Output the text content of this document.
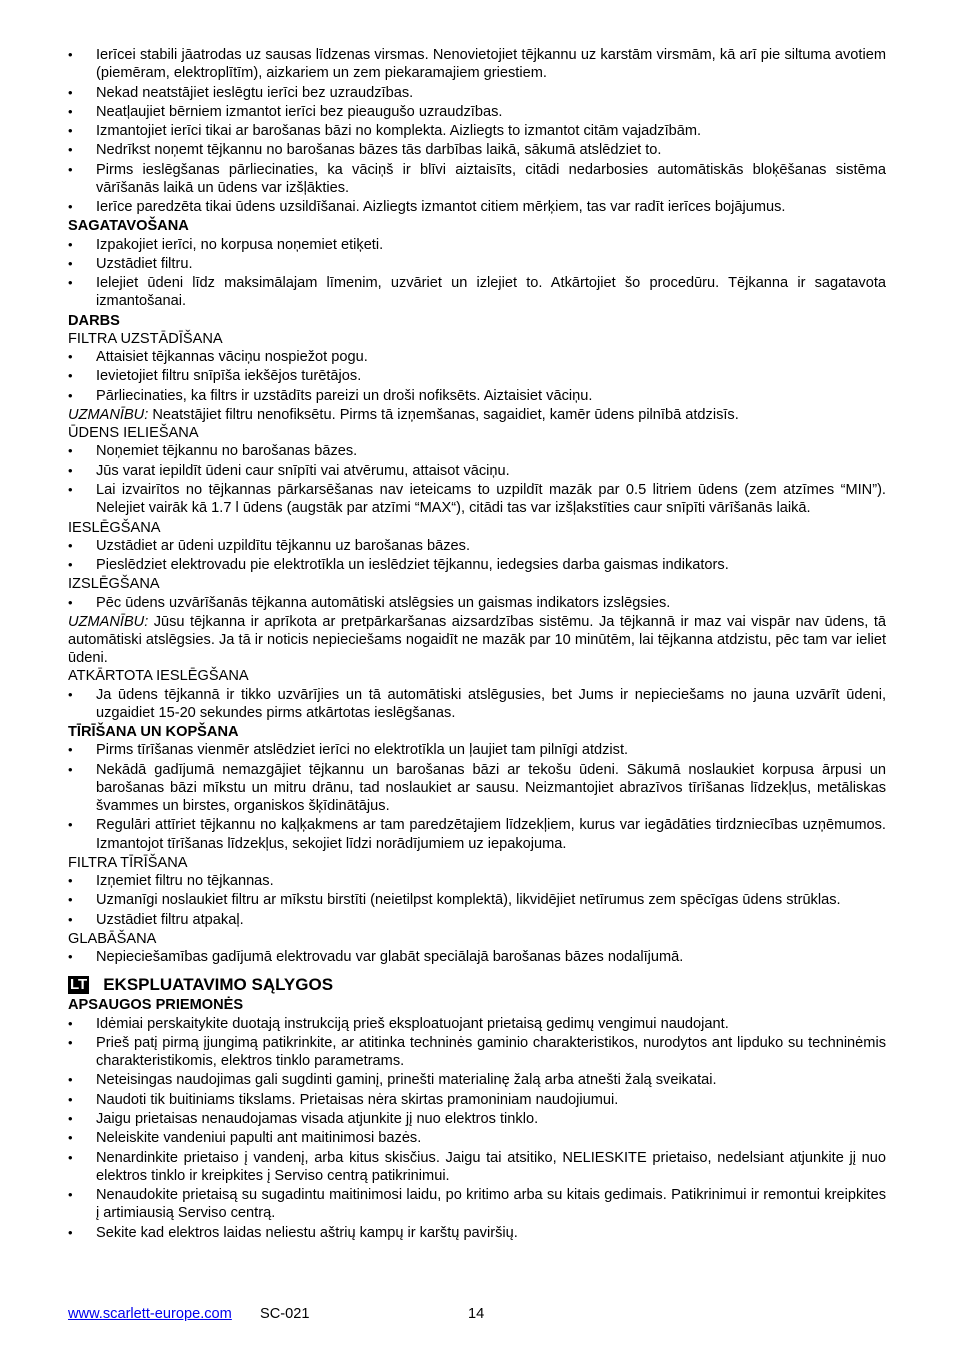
• Ierīcei stabili jāatrodas uz sausas līdzenas virsmas. Nenovietojiet tējkannu uz karstām virsmām, kā arī pie siltuma avotiem (piemēram, elektroplītīm), aizkariem un zem piekaramajiem griestiem.
• Nekad neatstājiet ieslēgtu ierīci bez uzraudzības.
• Neatļaujiet bērniem izmantot ierīci bez pieaugušo uzraudzības.
• Izmantojiet ierīci tikai ar barošanas bāzi no komplekta. Aizliegts to izmantot citām vajadzībām.
• Nedrīkst noņemt tējkannu no barošanas bāzes tās darbības laikā, sākumā atslēdziet to.
• Pirms ieslēgšanas pārliecinaties, ka vāciņš ir blīvi aiztaisīts, citādi nedarbosies automātiskās bloķēšanas sistēma vārīšanās laikā un ūdens var izšļākties.
• Ierīce paredzēta tikai ūdens uzsildīšanai. Aizliegts izmantot citiem mērķiem, tas var radīt ierīces bojājumus.

SAGATAVOŠANA

• Izpakojiet ierīci, no korpusa noņemiet etiķeti.
• Uzstādiet filtru.
• Ielejiet ūdeni līdz maksimālajam līmenim, uzvāriet un izlejiet to. Atkārtojiet šo procedūru. Tējkanna ir sagatavota izmantošanai.

DARBS

FILTRA UZSTĀDĪŠANA

• Attaisiet tējkannas vāciņu nospiežot pogu.
• Ievietojiet filtru snīpīša iekšējos turētājos.
• Pārliecinaties, ka filtrs ir uzstādīts pareizi un droši nofiksēts. Aiztaisiet vāciņu.

UZMANĪBU: Neatstājiet filtru nenofiksētu. Pirms tā izņemšanas, sagaidiet, kamēr ūdens pilnībā atdzisīs.

ŪDENS IELIEŠANA

• Noņemiet tējkannu no barošanas bāzes.
• Jūs varat iepildīt ūdeni caur snīpīti vai atvērumu, attaisot vāciņu.
• Lai izvairītos no tējkannas pārkarsēšanas nav ieteicams to uzpildīt mazāk par 0.5 litriem ūdens (zem atzīmes “MIN”). Nelejiet vairāk kā 1.7 l ūdens (augstāk par atzīmi “MAX“), citādi tas var izšļakstīties caur snīpīti vārīšanās laikā.

IESLĒGŠANA

• Uzstādiet ar ūdeni uzpildītu tējkannu uz barošanas bāzes.
• Pieslēdziet elektrovadu pie elektrotīkla un ieslēdziet tējkannu, iedegsies darba gaismas indikators.

IZSLĒGŠANA

• Pēc ūdens uzvārīšanās tējkanna automātiski atslēgsies un gaismas indikators izslēgsies.

UZMANĪBU: Jūsu tējkanna ir aprīkota ar pretpārkaršanas aizsardzības sistēmu. Ja tējkannā ir maz vai vispār nav ūdens, tā automātiski atslēgsies. Ja tā ir noticis nepieciešams nogaidīt ne mazāk par 10 minūtēm, lai tējkanna atdzistu, pēc tam var ieliet ūdeni.

ATKĀRTOTA IESLĒGŠANA

• Ja ūdens tējkannā ir tikko uzvārījies un tā automātiski atslēgusies, bet Jums ir nepieciešams no jauna uzvārīt ūdeni, uzgaidiet 15-20 sekundes pirms atkārtotas ieslēgšanas.

TĪRĪŠANA UN KOPŠANA

• Pirms tīrīšanas vienmēr atslēdziet ierīci no elektrotīkla un ļaujiet tam pilnīgi atdzist.
• Nekādā gadījumā nemazgājiet tējkannu un barošanas bāzi ar tekošu ūdeni. Sākumā noslaukiet korpusa ārpusi un barošanas bāzi mīkstu un mitru drānu, tad noslaukiet ar sausu. Neizmantojiet abrazīvos tīrīšanas līdzekļus, metāliskas švammes un birstes, organiskos šķīdinātājus.
• Regulāri attīriet tējkannu no kaļķakmens ar tam paredzētajiem līdzekļiem, kurus var iegādāties tirdzniecības uzņēmumos. Izmantojot tīrīšanas līdzekļus, sekojiet līdzi norādījumiem uz iepakojuma.

FILTRA TĪRĪŠANA

• Izņemiet filtru no tējkannas.
• Uzmanīgi noslaukiet filtru ar mīkstu birstīti (neietilpst komplektā), likvidējiet netīrumus zem spēcīgas ūdens strūklas.
• Uzstādiet filtru atpakaļ.

GLABĀŠANA

• Nepieciešamības gadījumā elektrovadu var glabāt speciālajā barošanas bāzes nodalījumā.
LT EKSPLUATAVIMO SĄLYGOS

APSAUGOS PRIEMONĖS

• Idėmiai perskaitykite duotają instrukciją prieš eksploatuojant prietaisą gedimų vengimui naudojant.
• Prieš patį pirmą įjungimą patikrinkite, ar atitinka techninės gaminio charakteristikos, nurodytos ant lipduko su techninėmis charakteristikomis, elektros tinklo parametrams.
• Neteisingas naudojimas gali sugdinti gaminį, prinešti materialinę žalą arba atnešti žalą sveikatai.
• Naudoti tik buitiniams tikslams. Prietaisas nėra skirtas pramoniniam naudojiumui.
• Jaigu prietaisas nenaudojamas visada atjunkite jį nuo elektros tinklo.
• Neleiskite vandeniui papulti ant maitinimosi bazės.
• Nenardinkite prietaiso į vandenį, arba kitus skisčius. Jaigu tai atsitiko, NELIESKITE prietaiso, nedelsiant atjunkite jį nuo elektros tinklo ir kreipkites į Serviso centrą patikrinimui.
• Nenaudokite prietaisą su sugadintu maitinimosi laidu, po kritimo arba su kitais gedimais. Patikrinimui ir remontui kreipkites į artimiausią Serviso centrą.
• Sekite kad elektros laidas neliestu aštrių kampų ir karštų paviršių.
www.scarlett-europe.com SC-021	14
